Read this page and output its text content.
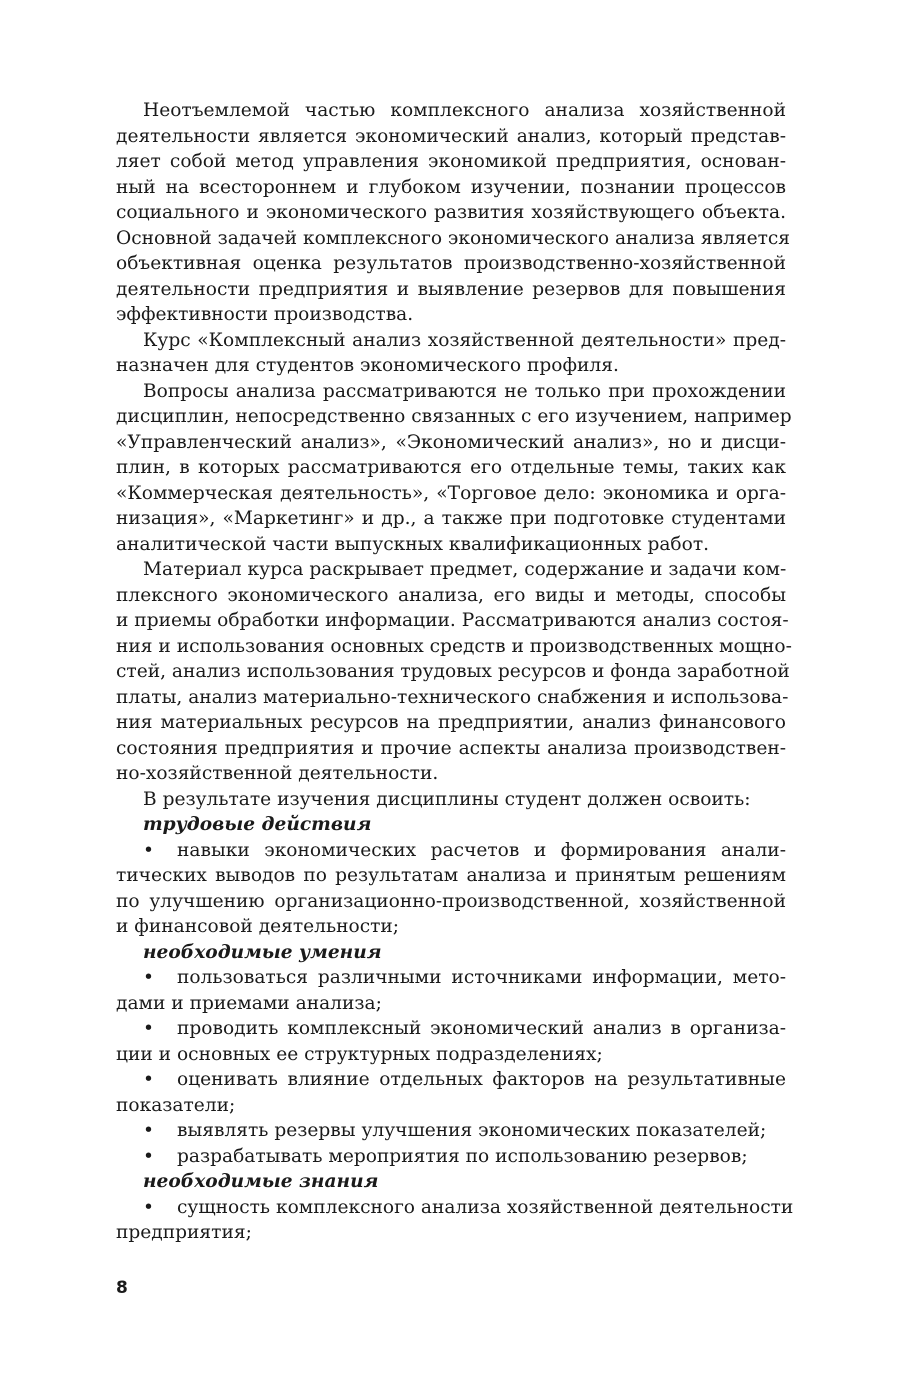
Неотъемлемой частью комплексного анализа хозяйственной
деятельности является экономический анализ, который представ-
ляет собой метод управления экономикой предприятия, основан-
ный на всестороннем и глубоком изучении, познании процессов
социального и экономического развития хозяйствующего объекта.
Основной задачей комплексного экономического анализа является
объективная оценка результатов производственно-хозяйственной
деятельности предприятия и выявление резервов для повышения
эффективности производства.
Курс «Комплексный анализ хозяйственной деятельности» пред-
назначен для студентов экономического профиля.
Вопросы анализа рассматриваются не только при прохождении
дисциплин, непосредственно связанных с его изучением, например
«Управленческий анализ», «Экономический анализ», но и дисци-
плин, в которых рассматриваются его отдельные темы, таких как
«Коммерческая деятельность», «Торговое дело: экономика и орга-
низация», «Маркетинг» и др., а также при подготовке студентами
аналитической части выпускных квалификационных работ.
Материал курса раскрывает предмет, содержание и задачи ком-
плексного экономического анализа, его виды и методы, способы
и приемы обработки информации. Рассматриваются анализ состоя-
ния и использования основных средств и производственных мощно-
стей, анализ использования трудовых ресурсов и фонда заработной
платы, анализ материально-технического снабжения и использова-
ния материальных ресурсов на предприятии, анализ финансового
состояния предприятия и прочие аспекты анализа производствен-
но-хозяйственной деятельности.
В результате изучения дисциплины студент должен освоить:
трудовые действия
•	навыки экономических расчетов и формирования анали-
тических выводов по результатам анализа и принятым решениям
по улучшению организационно-производственной, хозяйственной
и финансовой деятельности;
необходимые умения
•	пользоваться различными источниками информации, мето-
дами и приемами анализа;
•	проводить комплексный экономический анализ в организа-
ции и основных ее структурных подразделениях;
•	оценивать влияние отдельных факторов на результативные
показатели;
•	выявлять резервы улучшения экономических показателей;
•	разрабатывать мероприятия по использованию резервов;
необходимые знания
•	сущность комплексного анализа хозяйственной деятельности
предприятия;
8
